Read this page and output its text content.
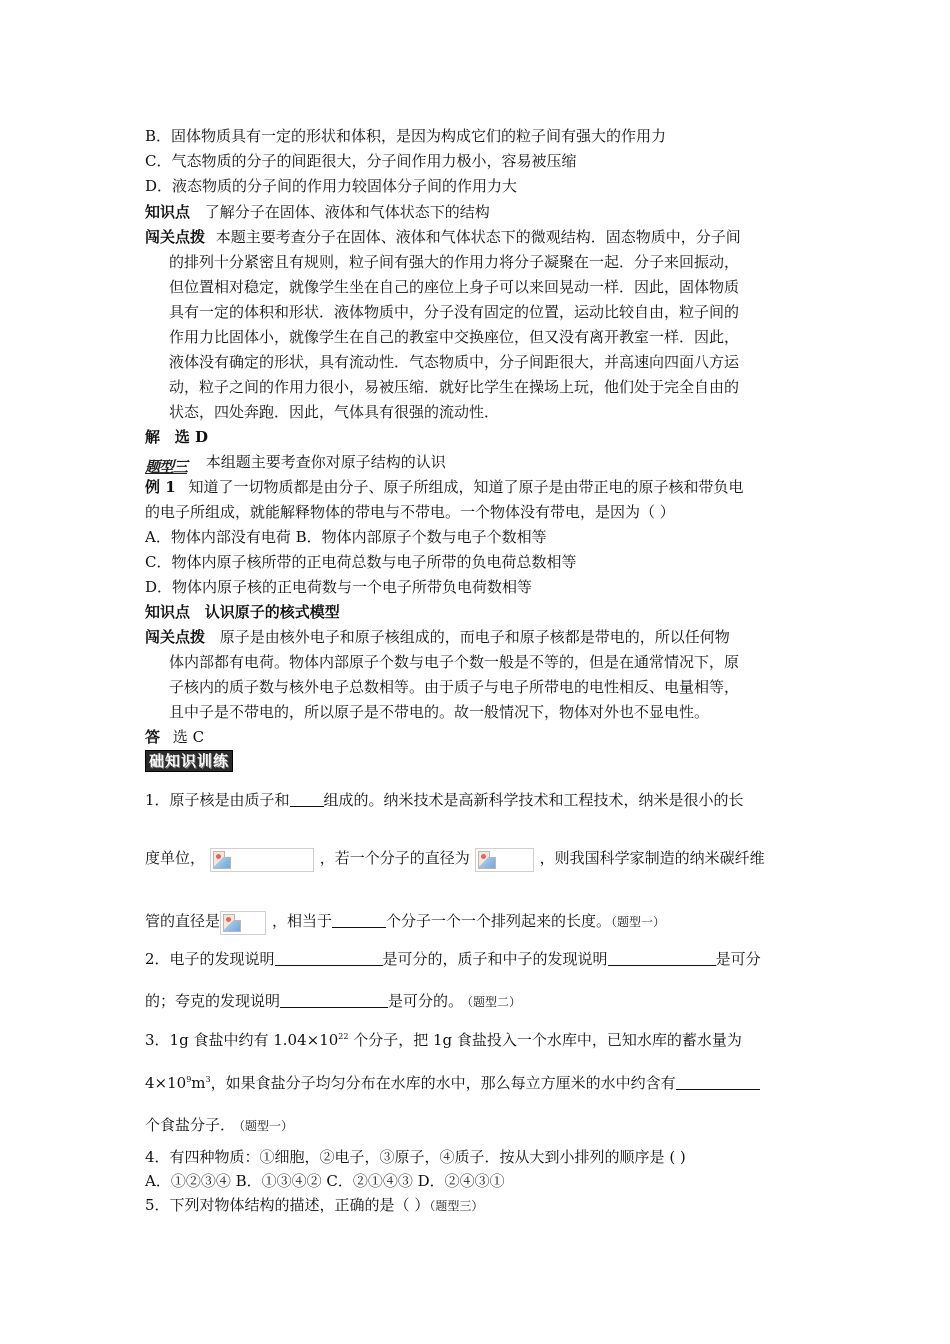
B．固体物质具有一定的形状和体积，是因为构成它们的粒子间有强大的作用力
C．气态物质的分子的间距很大，分子间作用力极小，容易被压缩
D．液态物质的分子间的作用力较固体分子间的作用力大
知识点 了解分子在固体、液体和气体状态下的结构
闯关点拨 本题主要考查分子在固体、液体和气体状态下的微观结构．固态物质中，分子间
的排列十分紧密且有规则，粒子间有强大的作用力将分子凝聚在一起．分子来回振动，
但位置相对稳定，就像学生坐在自己的座位上身子可以来回晃动一样．因此，固体物质
具有一定的体积和形状．液体物质中，分子没有固定的位置，运动比较自由，粒子间的
作用力比固体小，就像学生在自己的教室中交换座位，但又没有离开教室一样．因此，
液体没有确定的形状，具有流动性．气态物质中，分子间距很大，并高速向四面八方运
动，粒子之间的作用力很小，易被压缩．就好比学生在操场上玩，他们处于完全自由的
状态，四处奔跑．因此，气体具有很强的流动性．
解 选 D
题型三 本组题主要考查你对原子结构的认识
例 1 知道了一切物质都是由分子、原子所组成，知道了原子是由带正电的原子核和带负电
的电子所组成，就能解释物体的带电与不带电。一个物体没有带电，是因为（ ）
A．物体内部没有电荷 B．物体内部原子个数与电子个数相等
C．物体内原子核所带的正电荷总数与电子所带的负电荷总数相等
D．物体内原子核的正电荷数与一个电子所带负电荷数相等
知识点 认识原子的核式模型
闯关点拨 原子是由核外电子和原子核组成的，而电子和原子核都是带电的，所以任何物
体内部都有电荷。物体内部原子个数与电子个数一般是不等的，但是在通常情况下，原
子核内的质子数与核外电子总数相等。由于质子与电子所带电的电性相反、电量相等，
且中子是不带电的，所以原子是不带电的。故一般情况下，物体对外也不显电性。
答 选 C
础知识训练
1．原子核是由质子和 组成的。纳米技术是高新科学技术和工程技术，纳米是很小的长
度单位，	，若一个分子的直径为	，则我国科学家制造的纳米碳纤维
管的直径是	，相当于	个分子一个一个排列起来的长度。（题型一）
2．电子的发现说明	是可分的，质子和中子的发现说明	是可分
的；夸克的发现说明	是可分的。 （题型二）
3．1g 食盐中约有 $1.04\times 10^{22}$ 个分子，把 1g 食盐投入一个水库中，已知水库的蓄水量为
$4\times 10^9m^3$，如果食盐分子均匀分布在水库的水中，那么每立方厘米的水中约含有
个食盐分子． （题型一）
4．有四种物质：①细胞，②电子，③原子，④质子．按从大到小排列的顺序是 ( )
A．①②③④ B．①③④② C．②①④③ D．②④③①
5．下列对物体结构的描述，正确的是（ ）（题型三）
